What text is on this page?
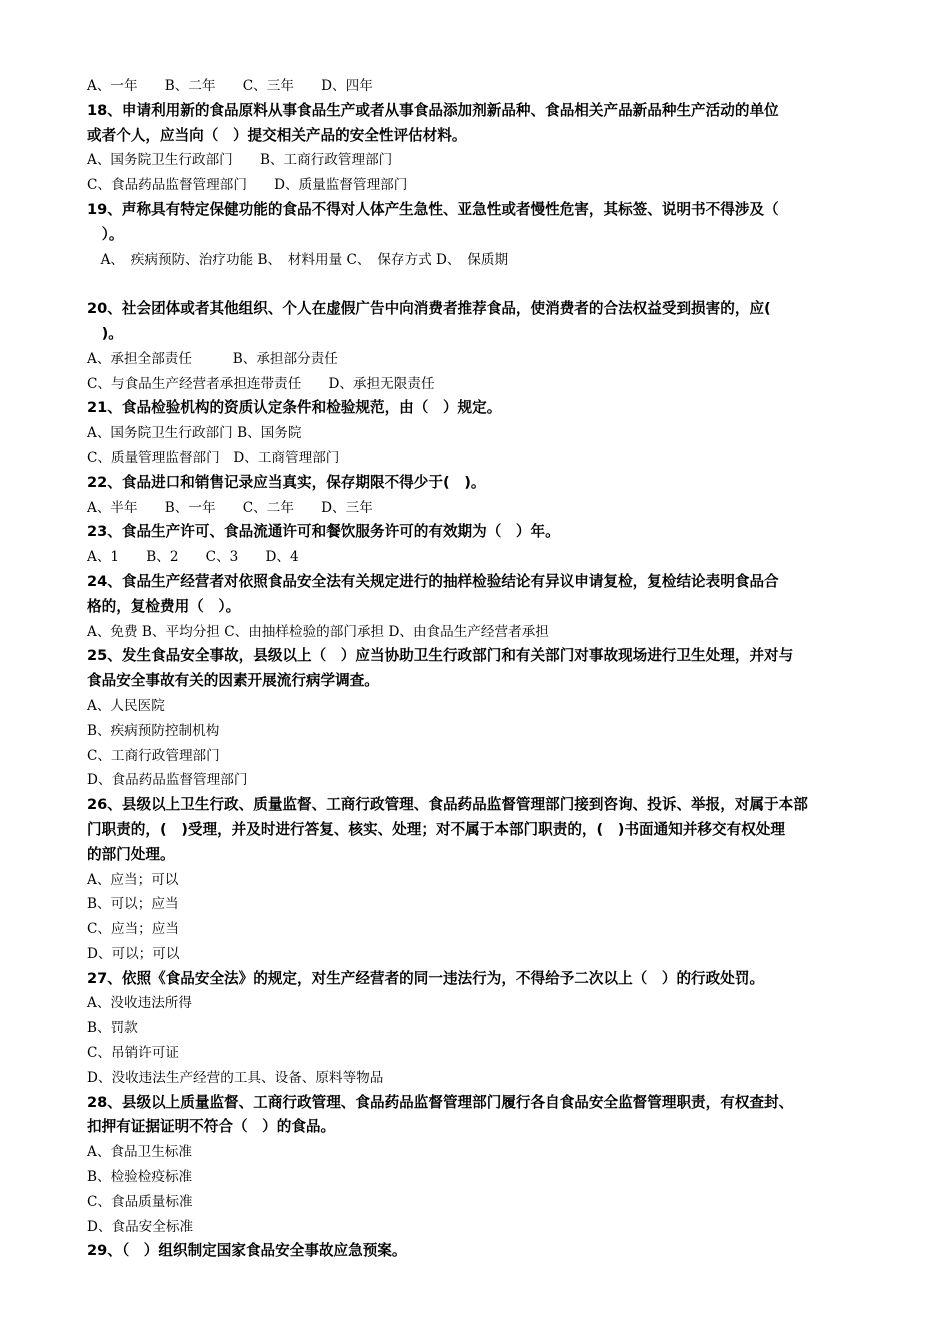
A、一年　　B、二年　　C、三年　　D、四年
18、申请利用新的食品原料从事食品生产或者从事食品添加剂新品种、食品相关产品新品种生产活动的单位
或者个人，应当向（　）提交相关产品的安全性评估材料。
A、国务院卫生行政部门　　B、工商行政管理部门
C、食品药品监督管理部门　　D、质量监督管理部门
19、声称具有特定保健功能的食品不得对人体产生急性、亚急性或者慢性危害，其标签、说明书不得涉及（
　）。
　A、　疾病预防、治疗功能 B、　材料用量 C、　保存方式 D、　保质期
20、社会团体或者其他组织、个人在虚假广告中向消费者推荐食品，使消费者的合法权益受到损害的，应(
　)。
A、承担全部责任　　　B、承担部分责任
C、与食品生产经营者承担连带责任　　D、承担无限责任
21、食品检验机构的资质认定条件和检验规范，由（　）规定。
A、国务院卫生行政部门 B、国务院
C、质量管理监督部门　D、工商管理部门
22、食品进口和销售记录应当真实，保存期限不得少于(　)。
A、半年　　B、一年　　C、二年　　D、三年
23、食品生产许可、食品流通许可和餐饮服务许可的有效期为（　）年。
A、1　　B、2　　C、3　　D、4
24、食品生产经营者对依照食品安全法有关规定进行的抽样检验结论有异议申请复检，复检结论表明食品合
格的，复检费用（　）。
A、免费 B、平均分担 C、由抽样检验的部门承担 D、由食品生产经营者承担
25、发生食品安全事故，县级以上（　）应当协助卫生行政部门和有关部门对事故现场进行卫生处理，并对与
食品安全事故有关的因素开展流行病学调查。
A、人民医院
B、疾病预防控制机构
C、工商行政管理部门
D、食品药品监督管理部门
26、县级以上卫生行政、质量监督、工商行政管理、食品药品监督管理部门接到咨询、投诉、举报，对属于本部
门职责的，(　)受理，并及时进行答复、核实、处理；对不属于本部门职责的，(　)书面通知并移交有权处理
的部门处理。
A、应当；可以
B、可以；应当
C、应当；应当
D、可以；可以
27、依照《食品安全法》的规定，对生产经营者的同一违法行为，不得给予二次以上（　）的行政处罚。
A、没收违法所得
B、罚款
C、吊销许可证
D、没收违法生产经营的工具、设备、原料等物品
28、县级以上质量监督、工商行政管理、食品药品监督管理部门履行各自食品安全监督管理职责，有权查封、
扣押有证据证明不符合（　）的食品。
A、食品卫生标准
B、检验检疫标准
C、食品质量标准
D、食品安全标准
29、（　）组织制定国家食品安全事故应急预案。
